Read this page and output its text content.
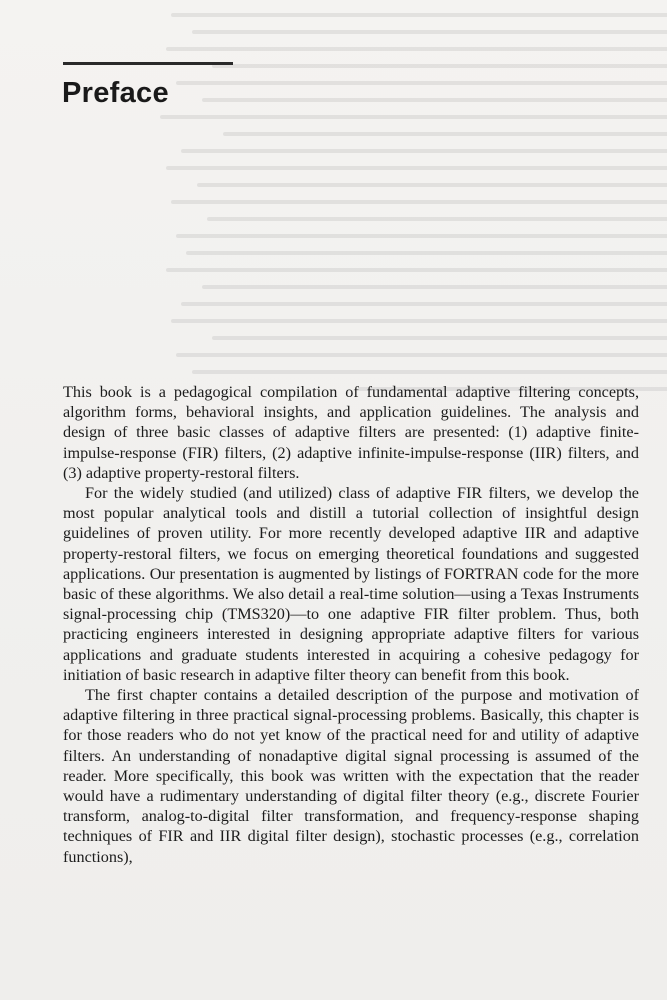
Preface

This book is a pedagogical compilation of fundamental adaptive filtering concepts, algorithm forms, behavioral insights, and application guidelines. The analysis and design of three basic classes of adaptive filters are presented: (1) adaptive finite-impulse-response (FIR) filters, (2) adaptive infinite-impulse-response (IIR) filters, and (3) adaptive property-restoral filters.

For the widely studied (and utilized) class of adaptive FIR filters, we develop the most popular analytical tools and distill a tutorial collection of insightful design guidelines of proven utility. For more recently developed adaptive IIR and adaptive property-restoral filters, we focus on emerging theoretical foundations and suggested applications. Our presentation is augmented by listings of FORTRAN code for the more basic of these algorithms. We also detail a real-time solution—using a Texas Instruments signal-processing chip (TMS320)—to one adaptive FIR filter problem. Thus, both practicing engineers interested in designing appropriate adaptive filters for various applications and graduate students interested in acquiring a cohesive pedagogy for initiation of basic research in adaptive filter theory can benefit from this book.

The first chapter contains a detailed description of the purpose and motivation of adaptive filtering in three practical signal-processing problems. Basically, this chapter is for those readers who do not yet know of the practical need for and utility of adaptive filters. An understanding of nonadaptive digital signal processing is assumed of the reader. More specifically, this book was written with the expectation that the reader would have a rudimentary understanding of digital filter theory (e.g., discrete Fourier transform, analog-to-digital filter transformation, and frequency-response shaping techniques of FIR and IIR digital filter design), stochastic processes (e.g., correlation functions),
